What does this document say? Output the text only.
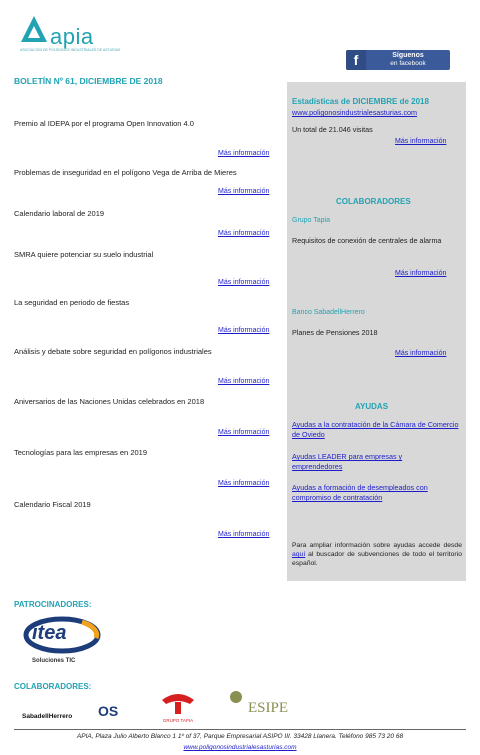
apia
ASOCIACIÓN DE POLÍGONOS INDUSTRIALES DE ASTURIAS
f	Síguenos
en facebook
BOLETÍN Nº 61, DICIEMBRE DE 2018
Premio al IDEPA por el programa Open Innovation 4.0
Más información
Problemas de inseguridad en el polígono Vega de Arriba de Mieres
Más información
Calendario laboral de 2019
Más información
SMRA quiere potenciar su suelo industrial
Más información
La seguridad en periodo de fiestas
Más información
Análisis y debate sobre seguridad en polígonos industriales
Más información
Aniversarios de las Naciones Unidas celebrados en 2018
Más información
Tecnologías para las empresas en 2019
Más información
Calendario Fiscal 2019
Más información
Estadísticas de DICIEMBRE de 2018
www.poligonosindustrialesasturias.com
Un total de 21.046 visitas
Más información
COLABORADORES
Grupo Tapia
Requisitos de conexión de centrales de alarma
Más información
Banco SabadellHerrero
Planes de Pensiones 2018
Más información
AYUDAS
Ayudas a la contratación de la Cámara de Comercio de Oviedo
Ayudas LEADER para empresas y emprendedores
Ayudas a formación de desempleados con compromiso de contratación
Para ampliar información sobre ayudas accede desde aquí al buscador de subvenciones de todo el territorio español.
PATROCINADORES:
itea
Soluciones TIC
COLABORADORES:
SabadellHerrero OS
GRUPO TAPIA
ESIPE
APIA, Plaza Julio Alberto Blanco 1 1º of 37, Parque Empresarial ASIPO III. 33428 Llanera. Teléfono 985 73 20 68
www.poligonosindustrialesasturias.com
